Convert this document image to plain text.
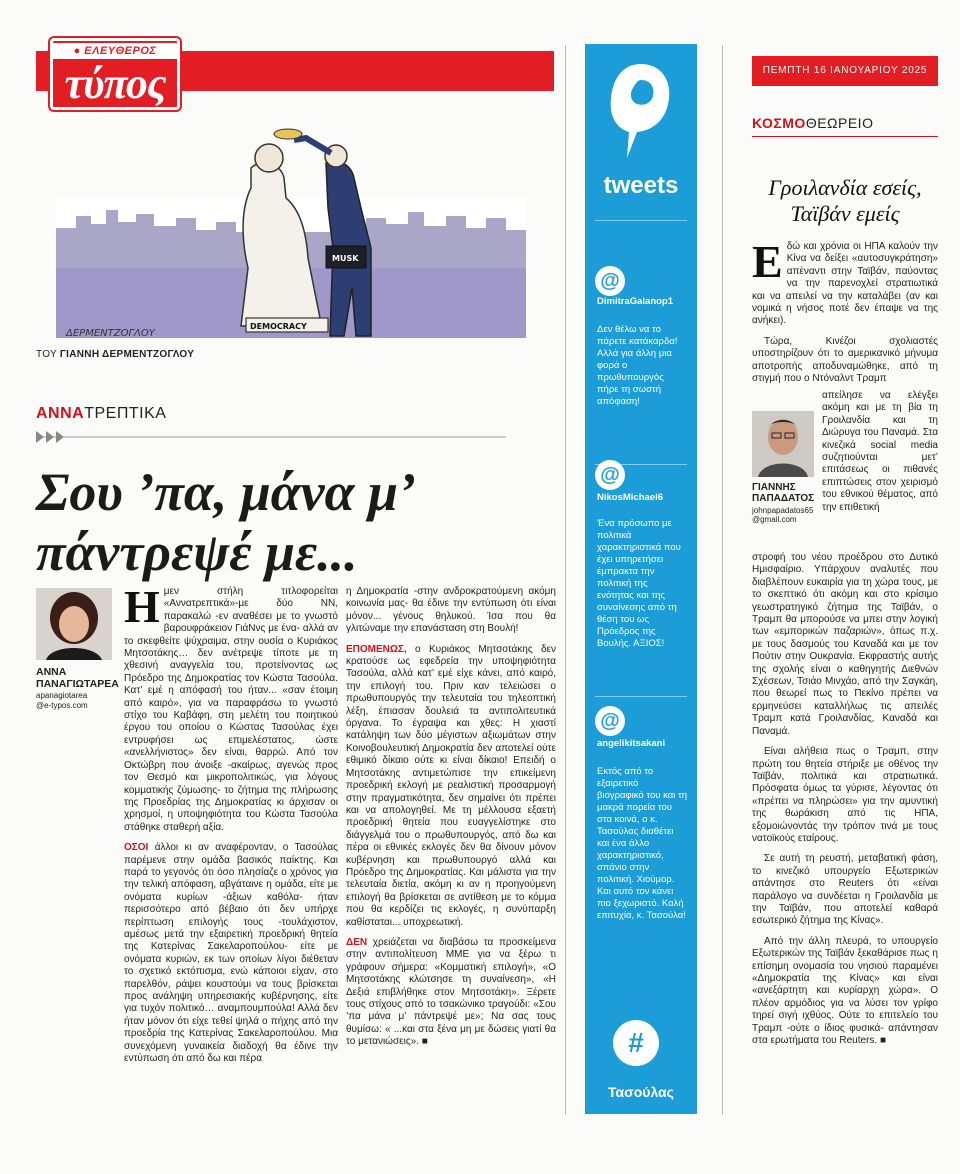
● ΕΛΕΥΘΕΡΟΣ
τύπος
DEMOCRACY
MUSK
ΔΕΡΜΕΝΤΖΟΓΛΟΥ
ΤΟΥ ΓΙΑΝΝΗ ΔΕΡΜΕΝΤΖΟΓΛΟΥ
ΑΝΝΑΤΡΕΠΤΙΚΑ
Σου ’πα, μάνα μ’ πάντρεψέ με...
ΑΝΝΑ ΠΑΝΑΓΙΩΤΑΡΕΑ
apanagiotarea
@e-typos.com

Ημεν στήλη τιτλοφορείται «Αννατρεπτικά»-με δύο ΝΝ, παρακαλώ -εν αναθέσει με το γνωστό βαρουφράκειον ΓιάΝνς με ένα- αλλά αν το σκεφθείτε ψύχραιμα, στην ουσία ο Κυριάκος Μητσοτάκης… δεν ανέτρεψε τίποτε με τη χθεσινή αναγγελία του, προτείνοντας ως Πρόεδρο της Δημοκρατίας τον Κώστα Τασούλα. Κατ’ εμέ η απόφασή του ήταν... «σαν έτοιμη από καιρό», για να παραφράσω το γνωστό στίχο του Καβάφη, στη μελέτη του ποιητικού έργου του οποίου ο Κώστας Τασούλας έχει εντρυφήσει ως επιμελέστατος, ώστε «ανελλήνιστος» δεν είναι, θαρρώ. Από τον Οκτώβρη που άνοιξε -ακαίρως, αγενώς προς τον Θεσμό και μικροπολιτικώς, για λόγους κομματικής ζύμωσης- το ζήτημα της πλήρωσης της Προεδρίας της Δημοκρατίας κι άρχισαν οι χρησμοί, η υποψηφιότητα του Κώστα Τασούλα στάθηκε σταθερή αξία.

ΟΣΟΙ άλλοι κι αν αναφέρονταν, ο Τασούλας παρέμενε στην ομάδα βασικός παίκτης. Και παρά το γεγονός ότι όσο πλησίαζε ο χρόνος για την τελική απόφαση, αβγάταινε η ομάδα, είτε με ονόματα κυρίων -άξιων καθόλα- ήταν περισσότερο από βέβαιο ότι δεν υπήρχε περίπτωση επιλογής τους -τουλάχιστον, αμέσως μετά την εξαιρετική προεδρική θητεία της Κατερίνας Σακελαροπούλου- είτε με ονόματα κυριών, εκ των οποίων λίγοι διέθεταν το σχετικό εκτόπισμα, ενώ κάποιοι είχαν, στο παρελθόν, ράψει κουστούμι να τους βρίσκεται προς ανάληψη υπηρεσιακής κυβέρνησης, είτε για τυχόν πολιτικό… αναμπουμπούλα! Αλλά δεν ήταν μόνον ότι είχε τεθεί ψηλά ο πήχης από την προεδρία της Κατερίνας Σακελαροπούλου. Μια συνεχόμενη γυναικεία διαδοχή θα έδινε την εντύπωση ότι από δω και πέρα

η Δημοκρατία -στην ανδροκρατούμενη ακόμη κοινωνία μας- θα έδινε την εντύπωση ότι είναι μόνον... γένους θηλυκού. Ίσα που θα γλιτώναμε την επανάσταση στη Βουλή!

ΕΠΟΜΕΝΩΣ, ο Κυριάκος Μητσοτάκης δεν κρατούσε ως εφεδρεία την υποψηφιότητα Τασούλα, αλλά κατ’ εμέ είχε κάνει, από καιρό, την επιλογή του. Πριν καν τελειώσει ο πρωθυπουργός την τελευταία του τηλεοπτική λέξη, έπιασαν δουλειά τα αντιπολιτευτικά όργανα. Το έγραψα και χθες: Η χιαστί κατάληψη των δύο μέγιστων αξιωμάτων στην Κοινοβουλευτική Δημοκρατία δεν αποτελεί ούτε εθιμικό δίκαιο ούτε κι είναι δίκαιο! Επειδή ο Μητσοτάκης αντιμετώπισε την επικείμενη προεδρική εκλογή με ρεαλιστική προσαρμογή στην πραγματικότητα, δεν σημαίνει ότι πρέπει και να απολογηθεί. Με τη μέλλουσα εξαετή προεδρική θητεία που ευαγγελίστηκε στο διάγγελμά του ο πρωθυπουργός, από δω και πέρα οι εθνικές εκλογές δεν θα δίνουν μόνον κυβέρνηση και πρωθυπουργό αλλά και Πρόεδρο της Δημοκρατίας. Και μάλιστα για την τελευταία διετία, ακόμη κι αν η προηγούμενη επιλογή θα βρίσκεται σε αντίθεση με το κόμμα που θα κερδίζει τις εκλογές, η συνύπαρξη καθίσταται... υποχρεωτική.

ΔΕΝ χρειάζεται να διαβάσω τα προσκείμενα στην αντιπολίτευση ΜΜΕ για να ξέρω τι γράφουν σήμερα: «Κομματική επιλογή», «Ο Μητσοτάκης κλώτσησε τη συναίνεση», «Η Δεξιά επιβλήθηκε στον Μητσοτάκη». Ξέρετε τους στίχους από το τσακώνικο τραγούδι: «Σου ’πα μάνα μ’ πάντρεψέ με»; Να σας τους θυμίσω: « ...και στα ξένα μη με δώσεις γιατί θα το μετανιώσεις». ■

tweets
@
DimitraGalanop1
Δεν θέλω να το πάρετε κατάκαρδα! Αλλά για άλλη μια φορά ο πρωθυπουργός πήρε τη σωστή απόφαση!
@
NikosMichael6
Ένα πρόσωπο με πολιτικά χαρακτηριστικά που έχει υπηρετήσει έμπρακτα την πολιτική της ενότητας και της συναίνεσης από τη θέση του ως Πρόεδρος της Βουλής. ΑΞΙΟΣ!
@
angelikitsakani
Εκτός από το εξαιρετικό βιογραφικό του και τη μακρά πορεία του στα κοινά, ο κ. Τασούλας διαθέτει και ένα άλλο χαρακτηριστικό, σπάνιο στην πολιτική. Χιούμορ. Και αυτό τον κάνει πιο ξεχωριστό. Καλή επιτυχία, κ. Τασούλα!
#
Τασούλας
ΠΕΜΠΤΗ 16 ΙΑΝΟΥΑΡΙΟΥ 2025
ΚΟΣΜΟΘΕΩΡΕΙΟ
Γροιλανδία εσείς, Ταϊβάν εμείς

Εδώ και χρόνια οι ΗΠΑ καλούν την Κίνα να δείξει «αυτοσυγκράτηση» απέναντι στην Ταϊβάν, παύοντας να την παρενοχλεί στρατιωτικά και να απειλεί να την καταλάβει (αν και νομικά η νήσος ποτέ δεν έπαψε να της ανήκει).

Τώρα, Κινέζοι σχολιαστές υποστηρίζουν ότι το αμερικανικό μήνυμα αποτροπής αποδυναμώθηκε, από τη στιγμή που ο Ντόναλντ Τραμπ

ΓΙΑΝΝΗΣ ΠΑΠΑΔΑΤΟΣ
johnpapadatos65
@gmail.com

απείλησε να ελέγξει ακόμη και με τη βία τη Γροιλανδία και τη Διώρυγα του Παναμά. Στα κινεζικά social media συζητιούνται μετ’ επιτάσεως οι πιθανές επιπτώσεις στον χειρισμό του εθνικού θέματος, από την επιθετική

στροφή του νέου προέδρου στο Δυτικό Ημισφαίριο. Υπάρχουν αναλυτές που διαβλέπουν ευκαιρία για τη χώρα τους, με το σκεπτικό ότι ακόμη και στο κρίσιμο γεωστρατηγικό ζήτημα της Ταϊβάν, ο Τραμπ θα μπορούσε να μπει στην λογική των «εμπορικών παζαριών», όπως π.χ. με τους δασμούς του Καναδά και με τον Πούτιν στην Ουκρανία. Εκφραστής αυτής της σχολής είναι ο καθηγητής Διεθνών Σχέσεων, Τσιάο Μινχάο, από την Σαγκάη, που θεωρεί πως το Πεκίνο πρέπει να ερμηνεύσει καταλλήλως τις απειλές Τραμπ κατά Γροιλανδίας, Καναδά και Παναμά.

Είναι αλήθεια πως ο Τραμπ, στην πρώτη του θητεία στήριξε με οθένος την Ταϊβάν, πολιτικά και στρατιωτικά. Πρόσφατα όμως τα γύρισε, λέγοντας ότι «πρέπει να πληρώσει» για την αμυντική της θωράκιση από τις ΗΠΑ, εξομοιώνοντάς την τρόπον τινά με τους νατοϊκούς εταίρους.

Σε αυτή τη ρευστή, μεταβατική φάση, το κινεζικό υπουργείο Εξωτερικών απάντησε στο Reuters ότι «είναι παράλογο να συνδέεται η Γροιλανδία με την Ταϊβάν, που αποτελεί καθαρά εσωτερικό ζήτημα της Κίνας».

Από την άλλη πλευρά, το υπουργείο Εξωτερικών της Ταϊβάν ξεκαθάρισε πως η επίσημη ονομασία του νησιού παραμένει «Δημοκρατία της Κίνας» και είναι «ανεξάρτητη και κυρίαρχη χώρα». Ο πλέον αρμόδιος για να λύσει τον γρίφο τηρεί σιγή ιχθύος. Ούτε το επιτελείο του Τραμπ -ούτε ο ίδιος φυσικά- απάντησαν στα ερωτήματα του Reuters. ■
